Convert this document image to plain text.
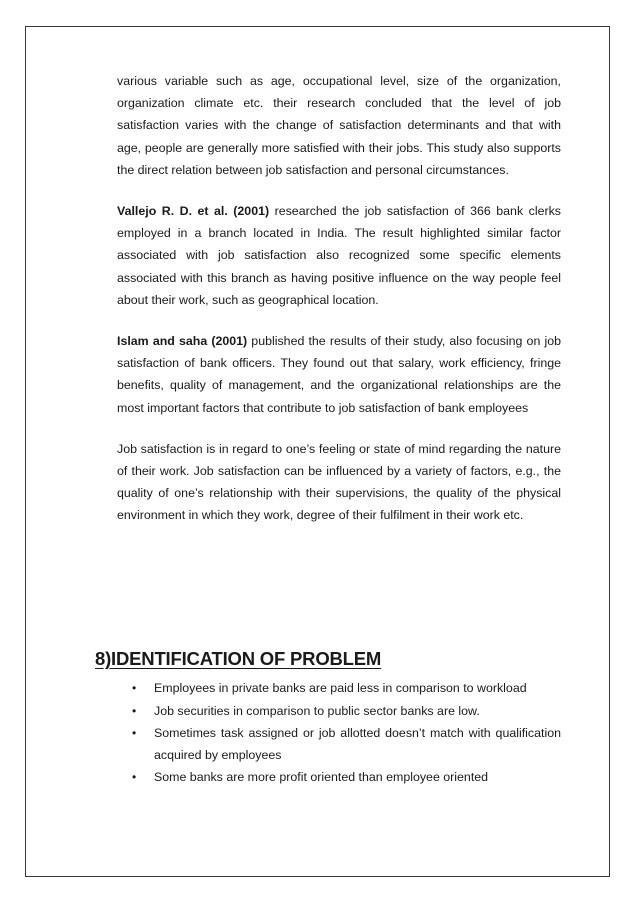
various variable such as age, occupational level, size of the organization, organization climate etc. their research concluded that the level of job satisfaction varies with the change of satisfaction determinants and that with age, people are generally more satisfied with their jobs. This study also supports the direct relation between job satisfaction and personal circumstances.

Vallejo R. D. et al. (2001) researched the job satisfaction of 366 bank clerks employed in a branch located in India. The result highlighted similar factor associated with job satisfaction also recognized some specific elements associated with this branch as having positive influence on the way people feel about their work, such as geographical location.

Islam and saha (2001) published the results of their study, also focusing on job satisfaction of bank officers. They found out that salary, work efficiency, fringe benefits, quality of management, and the organizational relationships are the most important factors that contribute to job satisfaction of bank employees

Job satisfaction is in regard to one’s feeling or state of mind regarding the nature of their work. Job satisfaction can be influenced by a variety of factors, e.g., the quality of one’s relationship with their supervisions, the quality of the physical environment in which they work, degree of their fulfilment in their work etc.

8)IDENTIFICATION OF PROBLEM
• Employees in private banks are paid less in comparison to workload
• Job securities in comparison to public sector banks are low.
• Sometimes task assigned or job allotted doesn’t match with qualification acquired by employees
• Some banks are more profit oriented than employee oriented
